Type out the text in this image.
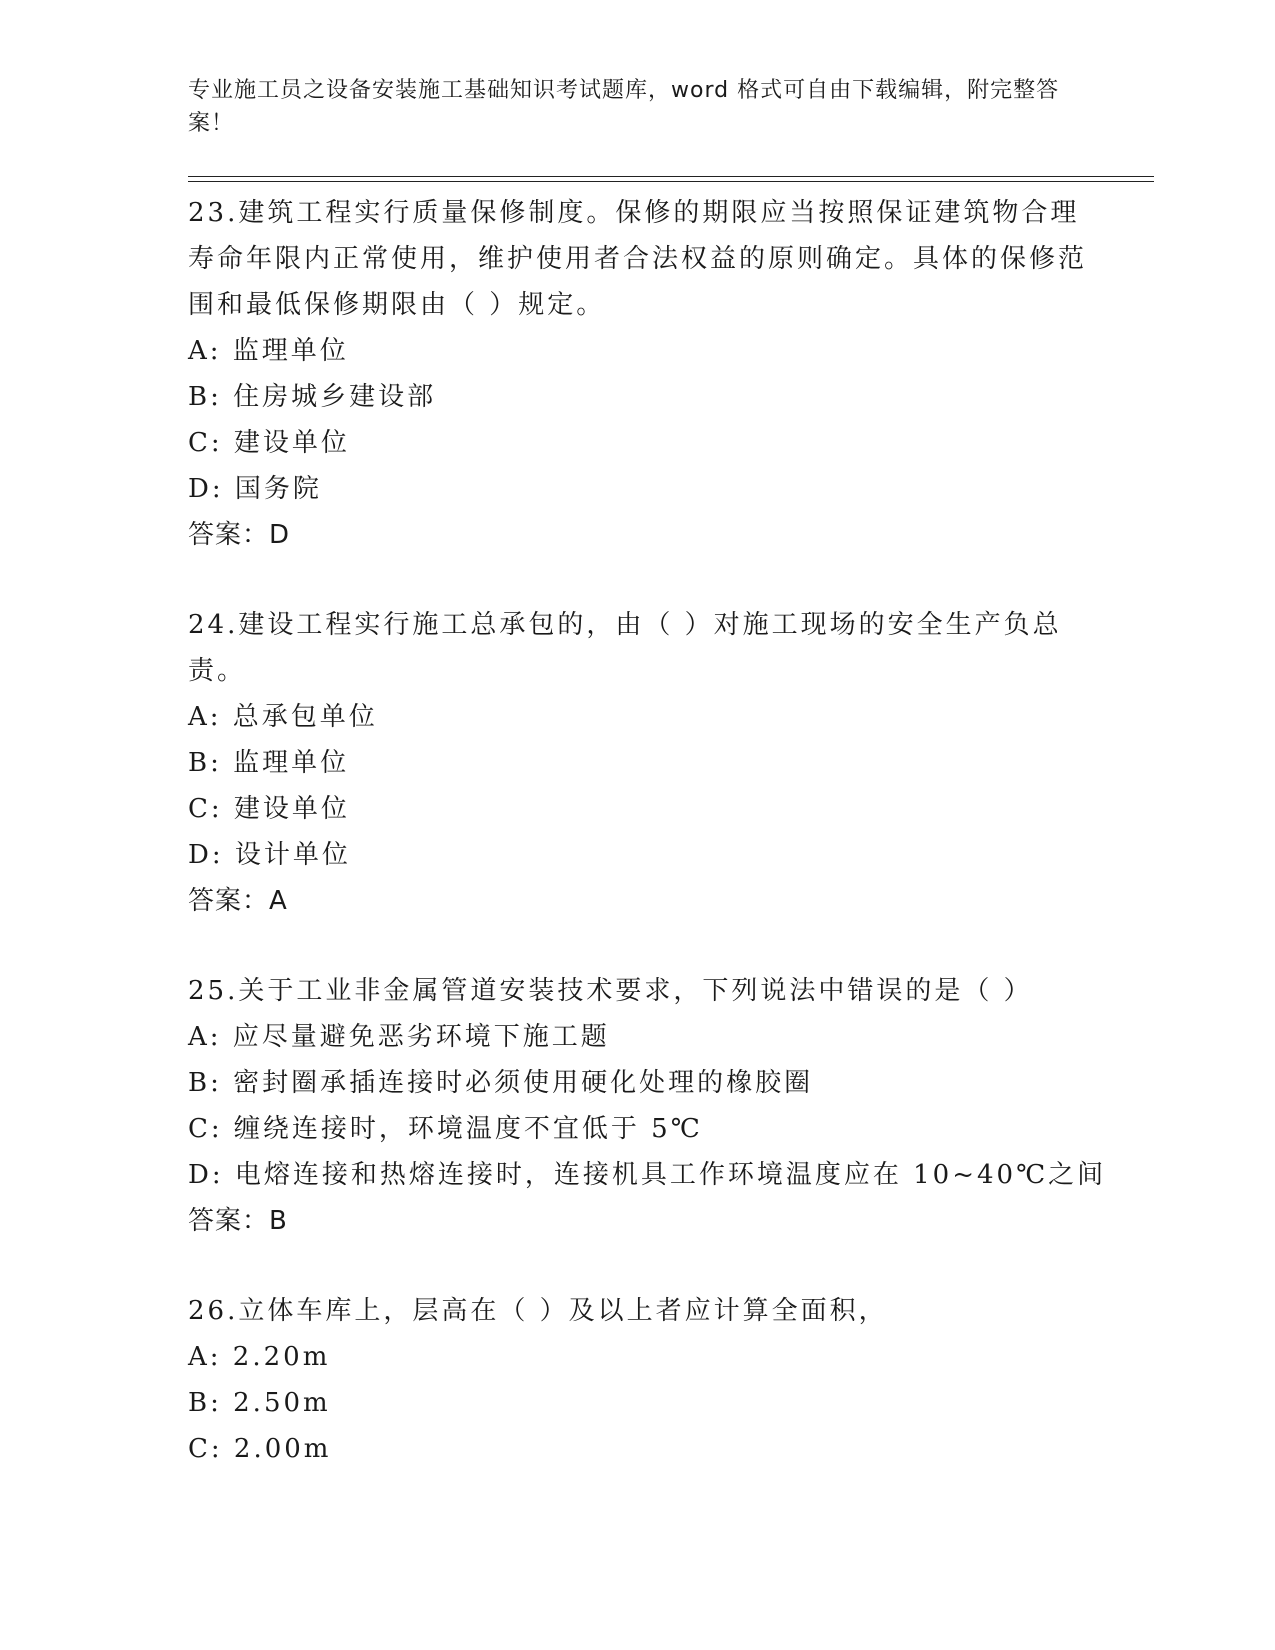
专业施工员之设备安装施工基础知识考试题库，word 格式可自由下载编辑，附完整答案！

23.建筑工程实行质量保修制度。保修的期限应当按照保证建筑物合理寿命年限内正常使用，维护使用者合法权益的原则确定。具体的保修范围和最低保修期限由（ ）规定。

A: 监理单位

B: 住房城乡建设部

C: 建设单位

D: 国务院

答案：D

24.建设工程实行施工总承包的，由（ ）对施工现场的安全生产负总责。

A: 总承包单位

B: 监理单位

C: 建设单位

D: 设计单位

答案：A

25.关于工业非金属管道安装技术要求，下列说法中错误的是（ ）

A: 应尽量避免恶劣环境下施工题

B: 密封圈承插连接时必须使用硬化处理的橡胶圈

C: 缠绕连接时，环境温度不宜低于 5℃

D: 电熔连接和热熔连接时，连接机具工作环境温度应在 10~40℃之间

答案：B

26.立体车库上，层高在（ ）及以上者应计算全面积，

A: 2.20m

B: 2.50m

C: 2.00m
